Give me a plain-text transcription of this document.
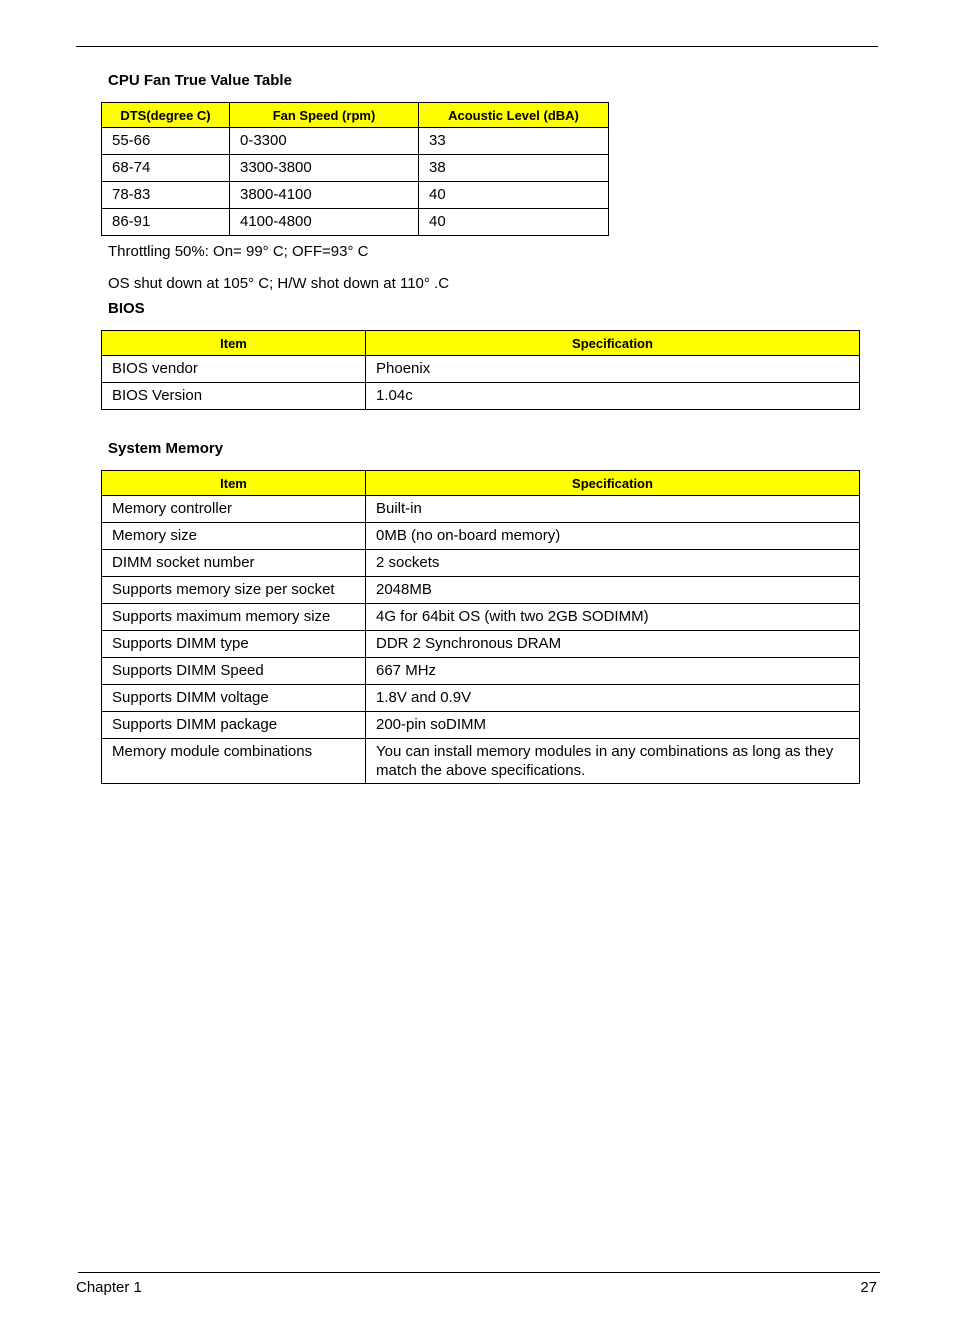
CPU Fan True Value Table
DTS(degree C)	Fan Speed (rpm)	Acoustic Level (dBA)
55-66	0-3300	33
68-74	3300-3800	38
78-83	3800-4100	40
86-91	4100-4800	40
Throttling 50%: On= 99° C; OFF=93° C
OS shut down at 105° C; H/W shot down at 110° .C
BIOS
Item	Specification
BIOS vendor	Phoenix
BIOS Version	1.04c
System Memory
Item	Specification
Memory controller	Built-in
Memory size	0MB (no on-board memory)
DIMM socket number	2 sockets
Supports memory size per socket	2048MB
Supports maximum memory size	4G for 64bit OS (with two 2GB SODIMM)
Supports DIMM type	DDR 2 Synchronous DRAM
Supports DIMM Speed	667 MHz
Supports DIMM voltage	1.8V and 0.9V
Supports DIMM package	200-pin soDIMM
Memory module combinations	You can install memory modules in any combinations as long as they match the above specifications.
Chapter 1	27
